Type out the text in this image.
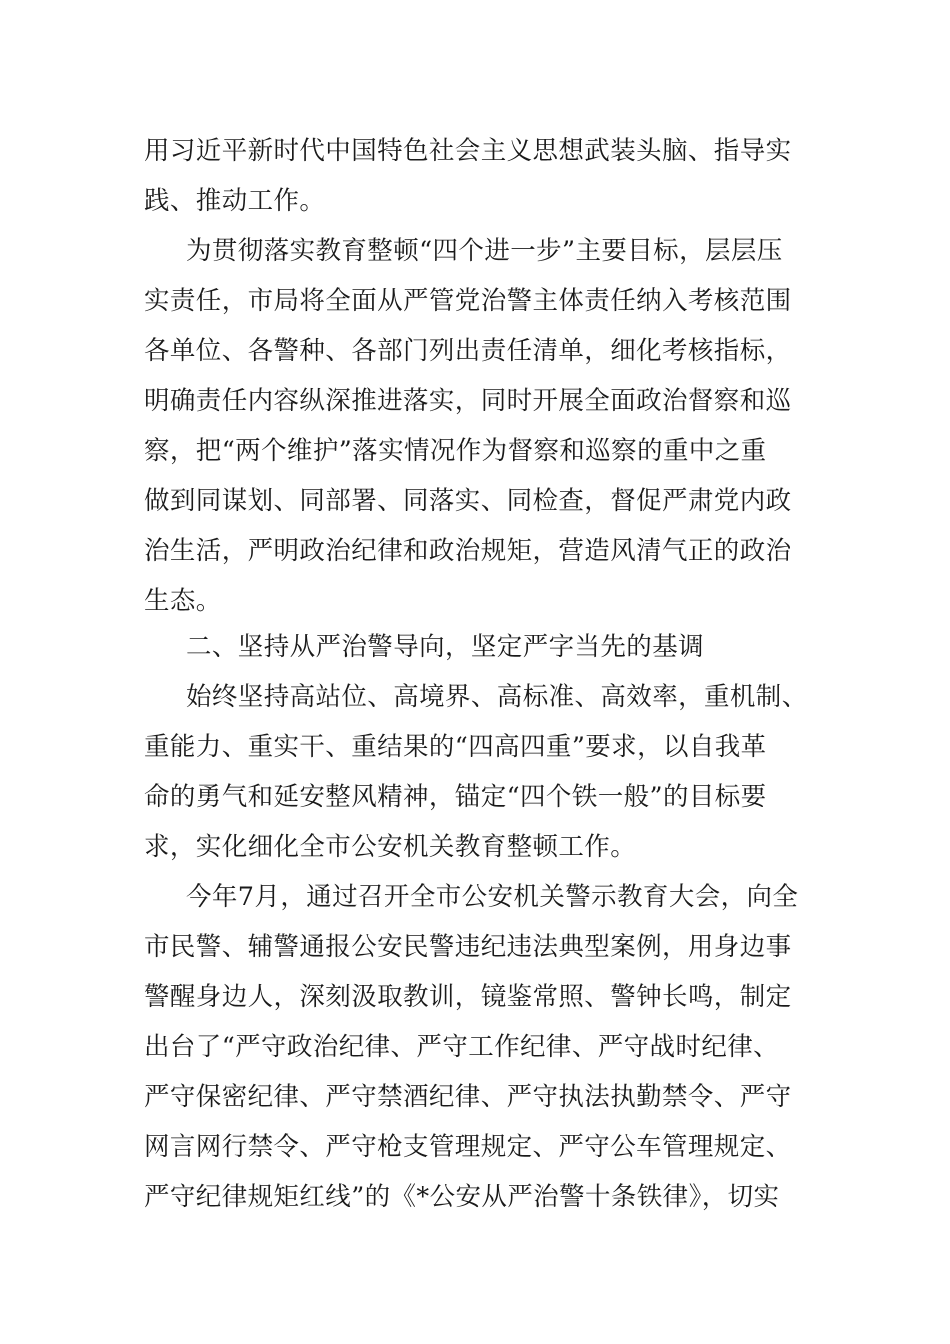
用习近平新时代中国特色社会主义思想武装头脑、指导实
践、推动工作。
为贯彻落实教育整顿“四个进一步”主要目标，层层压
实责任，市局将全面从严管党治警主体责任纳入考核范围
各单位、各警种、各部门列出责任清单，细化考核指标，
明确责任内容纵深推进落实，同时开展全面政治督察和巡
察，把“两个维护”落实情况作为督察和巡察的重中之重
做到同谋划、同部署、同落实、同检查，督促严肃党内政
治生活，严明政治纪律和政治规矩，营造风清气正的政治
生态。
二、坚持从严治警导向，坚定严字当先的基调
始终坚持高站位、高境界、高标准、高效率，重机制、
重能力、重实干、重结果的“四高四重”要求，以自我革
命的勇气和延安整风精神，锚定“四个铁一般”的目标要
求，实化细化全市公安机关教育整顿工作。
今年7月，通过召开全市公安机关警示教育大会，向全
市民警、辅警通报公安民警违纪违法典型案例，用身边事
警醒身边人，深刻汲取教训，镜鉴常照、警钟长鸣，制定
出台了“严守政治纪律、严守工作纪律、严守战时纪律、
严守保密纪律、严守禁酒纪律、严守执法执勤禁令、严守
网言网行禁令、严守枪支管理规定、严守公车管理规定、
严守纪律规矩红线”的《*公安从严治警十条铁律》，切实
